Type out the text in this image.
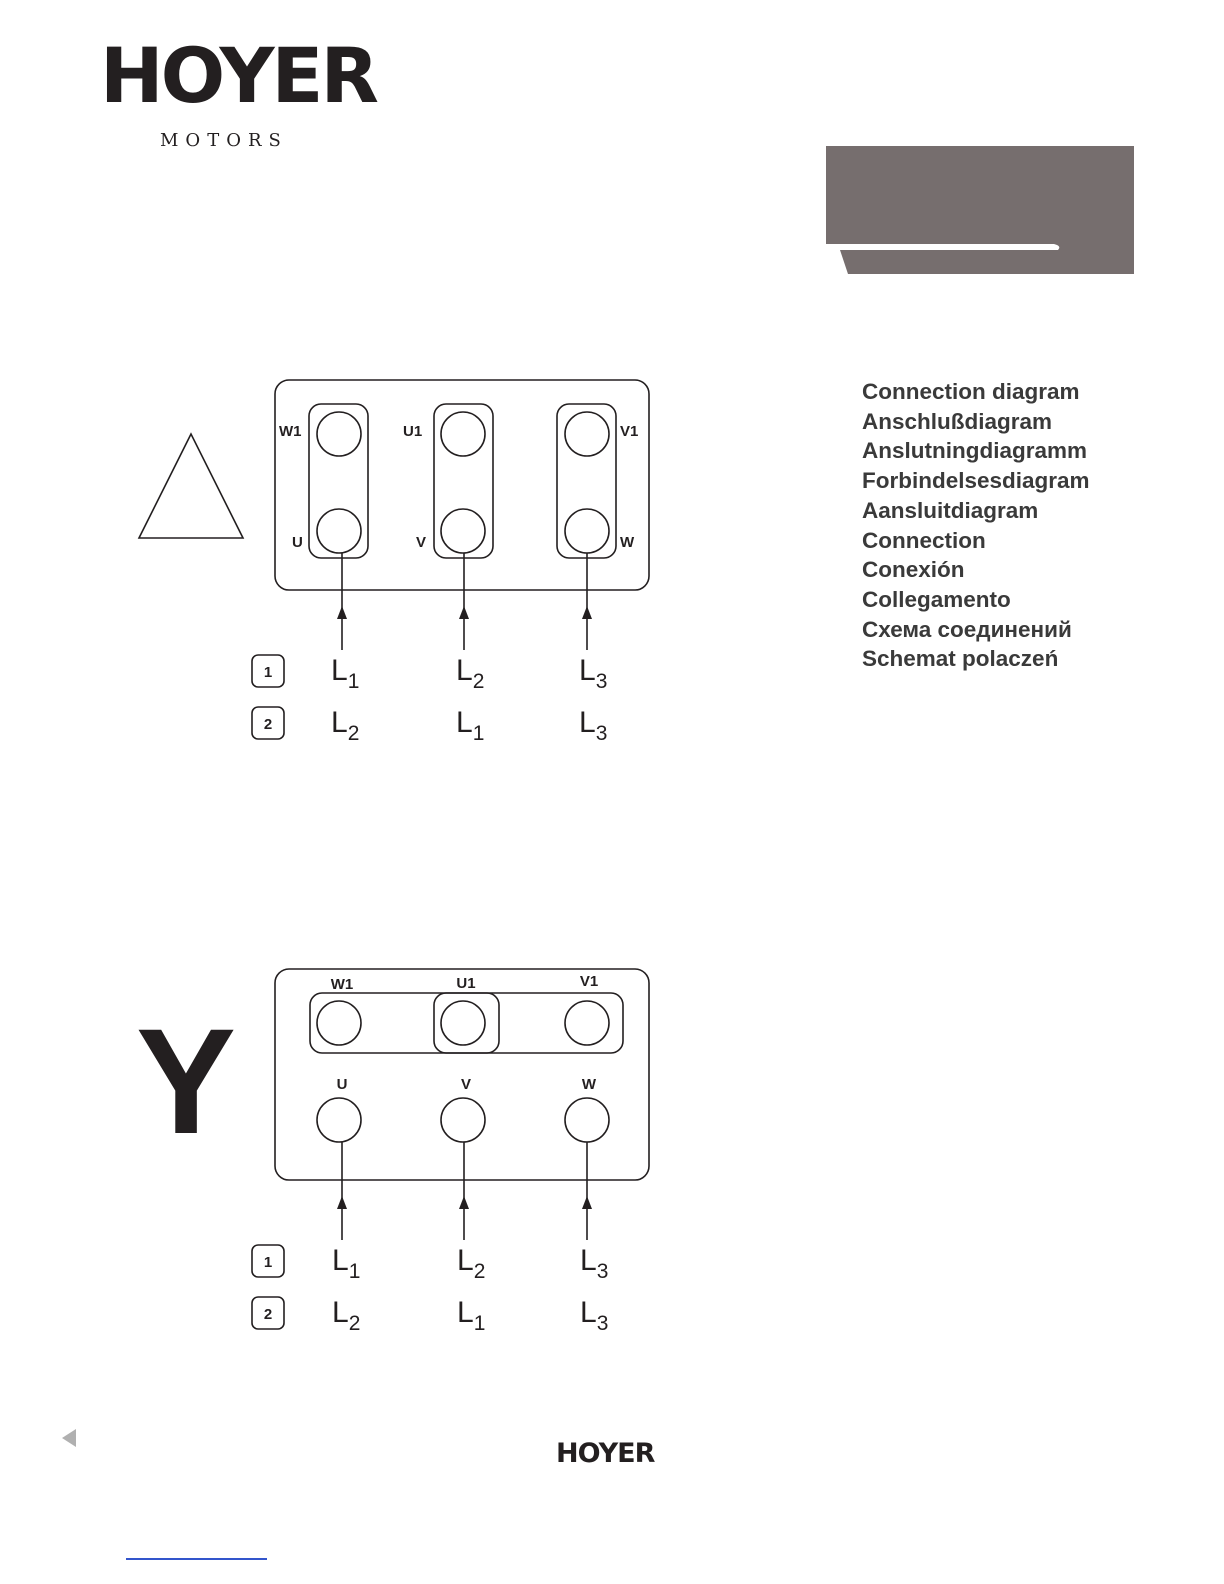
HOYER
MOTORS
Connection diagram
Anschlußdiagram
Anslutningdiagramm
Forbindelsesdiagram
Aansluitdiagram
Connection
Conexión
Collegamento
Схема соединений
Schemat polaczeń
W1	U1	V1
U	V	W
1
2
$L_1$	$L_2$	$L_3$
$L_2$	$L_1$	$L_3$
Y
W1	U1	V1
U	V	W
1
2
$L_1$	$L_2$	$L_3$
$L_2$	$L_1$	$L_3$
HOYER
